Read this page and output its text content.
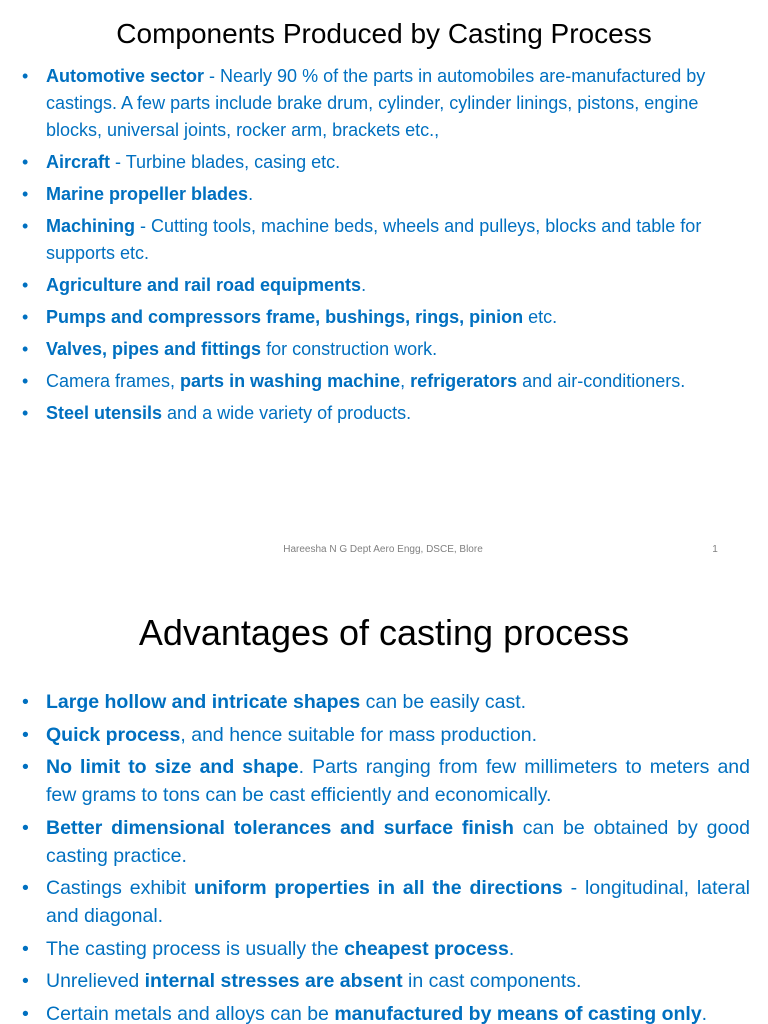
Components Produced by Casting Process
• Automotive sector - Nearly 90 % of the parts in automobiles are-manufactured by castings. A few parts include brake drum, cylinder, cylinder linings, pistons, engine blocks, universal joints, rocker arm, brackets etc.,
• Aircraft - Turbine blades, casing etc.
• Marine propeller blades.
• Machining - Cutting tools, machine beds, wheels and pulleys, blocks and table for supports etc.
• Agriculture and rail road equipments.
• Pumps and compressors frame, bushings, rings, pinion etc.
• Valves, pipes and fittings for construction work.
• Camera frames, parts in washing machine, refrigerators and air-conditioners.
• Steel utensils and a wide variety of products.
Hareesha N G Dept Aero Engg, DSCE, Blore	1
Advantages of casting process
• Large hollow and intricate shapes can be easily cast.
• Quick process, and hence suitable for mass production.
• No limit to size and shape. Parts ranging from few millimeters to meters and few grams to tons can be cast efficiently and economically.
• Better dimensional tolerances and surface finish can be obtained by good casting practice.
• Castings exhibit uniform properties in all the directions - longitudinal, lateral and diagonal.
• The casting process is usually the cheapest process.
• Unrelieved internal stresses are absent in cast components.
• Certain metals and alloys can be manufactured by means of casting only.
